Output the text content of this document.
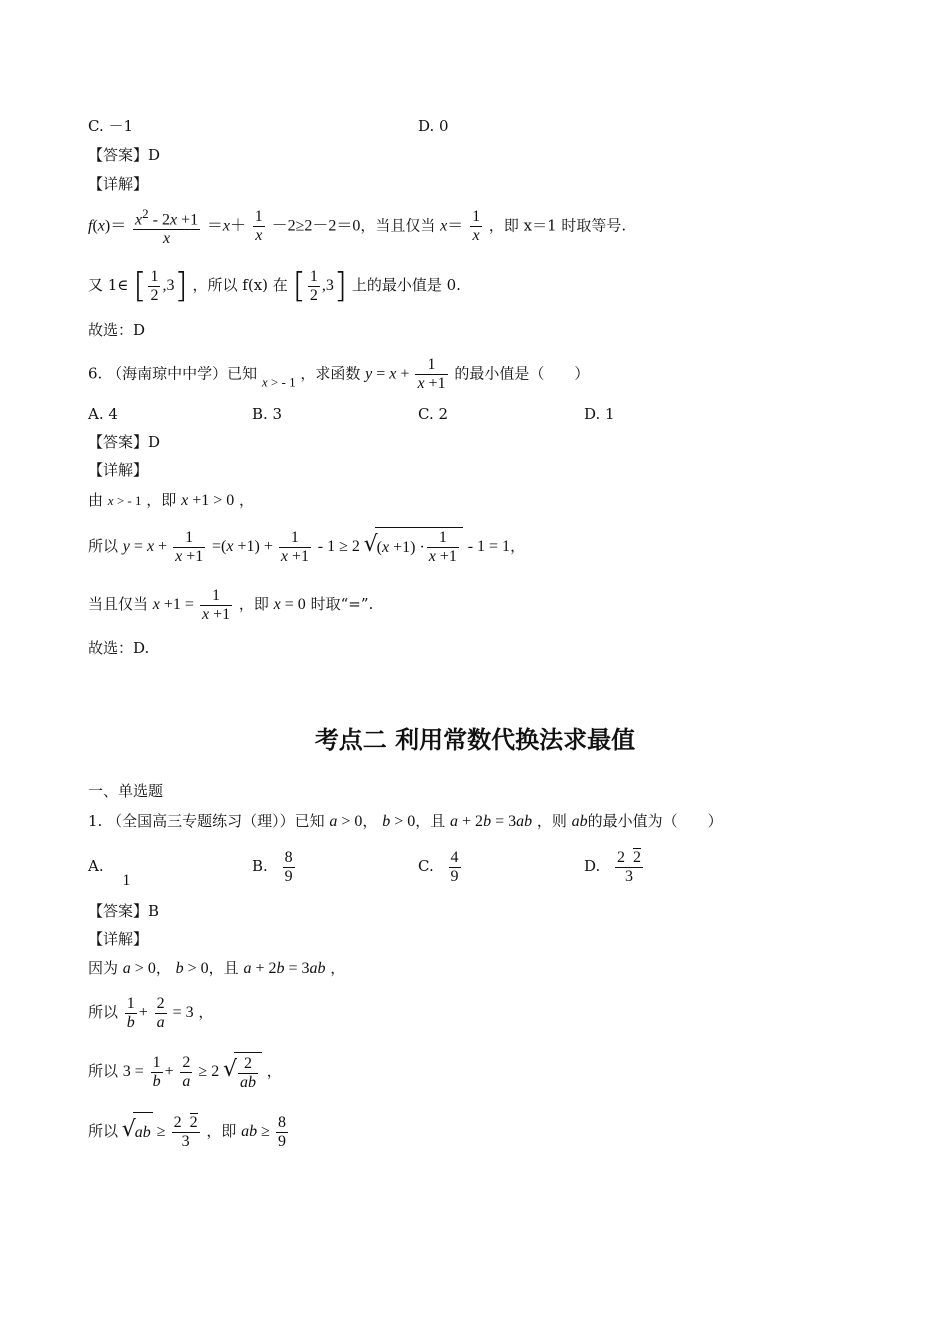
C. －1	D. 0
【答案】D
【详解】
$f(x)= \frac{x^2 - 2x +1}{x} =x+ \frac{1}{x} -2\ge 2-2=0$，当且仅当 $x= \frac{1}{x}$ ，即 x＝1 时取等号.
又 1∈ [ $\frac{1}{2} ,3$] ，所以 f(x) 在 [ $\frac{1}{2} ,3$] 上的最小值是 0.
故选：D
6. （海南琼中中学）已知 x > - 1 ，求函数 $y = x + \frac{1}{x +1}$ 的最小值是（　　）
A. 4	B. 3	C. 2	D. 1
【答案】D
【详解】
由 x > - 1 ，即 x +1 > 0 ，
所以 $y = x + \frac{1}{x +1} =(x +1) + \frac{1}{x +1} - 1 \ge 2$ √ $(x +1) \cdot \frac{1}{x +1} - 1 = 1$，
当且仅当 $x +1 = \frac{1}{x +1}$ ，即 x = 0 时取“=”.
故选：D.
考点二 利用常数代换法求最值
一、单选题
1. （全国高三专题练习（理））已知 a > 0， b > 0，且 a + 2b = 3ab ，则 ab的最小值为（　　）
A. 1
B. $\frac{8}{9}$	C. $\frac{4}{9}$	D. $\frac{2 2}{3}$
【答案】B
【详解】
因为 a > 0， b > 0，且 a + 2b = 3ab ，
所以 $\frac{1}{b} + \frac{2}{a} = 3$ ，
所以 $3 = \frac{1}{b} + \frac{2}{a} \ge 2$ √ $\frac{2}{ab}$ ，
所以 √ ab ≥ $\frac{2 2}{3}$ ，即 ab ≥ $\frac{8}{9}$
